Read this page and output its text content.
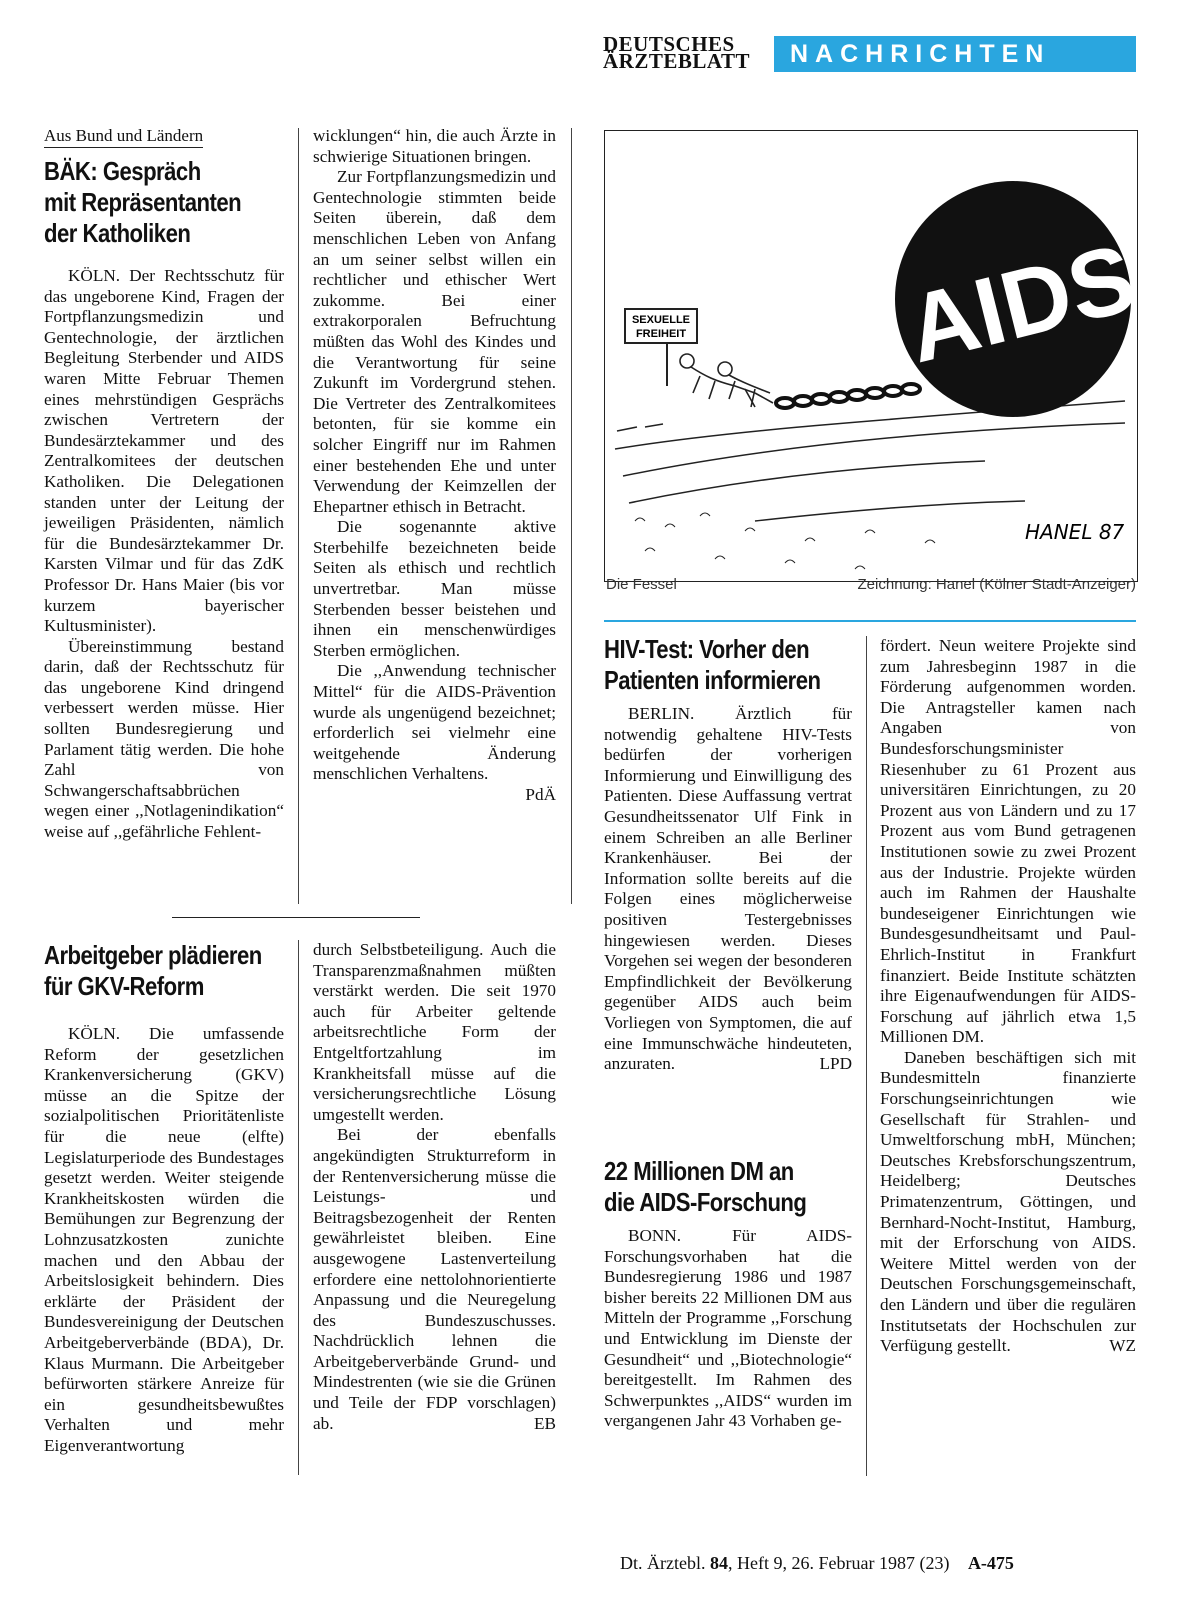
DEUTSCHES
ÄRZTEBLATT	NACHRICHTEN
Aus Bund und Ländern
BÄK: Gespräch
mit Repräsentanten
der Katholiken

KÖLN. Der Rechtsschutz für das ungeborene Kind, Fragen der Fortpflanzungsmedizin und Gentechnologie, der ärztlichen Begleitung Sterbender und AIDS waren Mitte Februar Themen eines mehrstündigen Gesprächs zwischen Vertretern der Bundesärztekammer und des Zentralkomitees der deutschen Katholiken. Die Delegationen standen unter der Leitung der jeweiligen Präsidenten, nämlich für die Bundesärztekammer Dr. Karsten Vilmar und für das ZdK Professor Dr. Hans Maier (bis vor kurzem bayerischer Kultusminister).

Übereinstimmung bestand darin, daß der Rechtsschutz für das ungeborene Kind dringend verbessert werden müsse. Hier sollten Bundesregierung und Parlament tätig werden. Die hohe Zahl von Schwangerschaftsabbrüchen wegen einer ,,Notlagenindikation“ weise auf ,,gefährliche Fehlent-

wicklungen“ hin, die auch Ärzte in schwierige Situationen bringen.

Zur Fortpflanzungsmedizin und Gentechnologie stimmten beide Seiten überein, daß dem menschlichen Leben von Anfang an um seiner selbst willen ein rechtlicher und ethischer Wert zukomme. Bei einer extrakorporalen Befruchtung müßten das Wohl des Kindes und die Verantwortung für seine Zukunft im Vordergrund stehen. Die Vertreter des Zentralkomitees betonten, für sie komme ein solcher Eingriff nur im Rahmen einer bestehenden Ehe und unter Verwendung der Keimzellen der Ehepartner ethisch in Betracht.

Die sogenannte aktive Sterbehilfe bezeichneten beide Seiten als ethisch und rechtlich unvertretbar. Man müsse Sterbenden besser beistehen und ihnen ein menschenwürdiges Sterben ermöglichen.

Die ,,Anwendung technischer Mittel“ für die AIDS-Prävention wurde als ungenügend bezeichnet; erforderlich sei vielmehr eine weitgehende Änderung menschlichen Verhaltens.

PdÄ
Arbeitgeber plädieren
für GKV-Reform

KÖLN. Die umfassende Reform der gesetzlichen Krankenversicherung (GKV) müsse an die Spitze der sozialpolitischen Prioritätenliste für die neue (elfte) Legislaturperiode des Bundestages gesetzt werden. Weiter steigende Krankheitskosten würden die Bemühungen zur Begrenzung der Lohnzusatzkosten zunichte machen und den Abbau der Arbeitslosigkeit behindern. Dies erklärte der Präsident der Bundesvereinigung der Deutschen Arbeitgeberverbände (BDA), Dr. Klaus Murmann. Die Arbeitgeber befürworten stärkere Anreize für ein gesundheitsbewußtes Verhalten und mehr Eigenverantwortung

durch Selbstbeteiligung. Auch die Transparenzmaßnahmen müßten verstärkt werden. Die seit 1970 auch für Arbeiter geltende arbeitsrechtliche Form der Entgeltfortzahlung im Krankheitsfall müsse auf die versicherungsrechtliche Lösung umgestellt werden.

Bei der ebenfalls angekündigten Strukturreform in der Rentenversicherung müsse die Leistungs- und Beitragsbezogenheit der Renten gewährleistet bleiben. Eine ausgewogene Lastenverteilung erfordere eine nettolohnorientierte Anpassung und die Neuregelung des Bundeszuschusses. Nachdrücklich lehnen die Arbeitgeberverbände Grund- und Mindestrenten (wie sie die Grünen und Teile der FDP vorschlagen) ab.	EB
AIDS
SEXUELLE
FREIHEIT
HANEL 87
Die Fessel	Zeichnung: Hanel (Kölner Stadt-Anzeiger)
HIV-Test: Vorher den
Patienten informieren

BERLIN. Ärztlich für notwendig gehaltene HIV-Tests bedürfen der vorherigen Informierung und Einwilligung des Patienten. Diese Auffassung vertrat Gesundheitssenator Ulf Fink in einem Schreiben an alle Berliner Krankenhäuser. Bei der Information sollte bereits auf die Folgen eines möglicherweise positiven Testergebnisses hingewiesen werden. Dieses Vorgehen sei wegen der besonderen Empfindlichkeit der Bevölkerung gegenüber AIDS auch beim Vorliegen von Symptomen, die auf eine Immunschwäche hindeuteten, anzuraten.	LPD
22 Millionen DM an
die AIDS-Forschung

BONN. Für AIDS-Forschungsvorhaben hat die Bundesregierung 1986 und 1987 bisher bereits 22 Millionen DM aus Mitteln der Programme ,,Forschung und Entwicklung im Dienste der Gesundheit“ und ,,Biotechnologie“ bereitgestellt. Im Rahmen des Schwerpunktes ,,AIDS“ wurden im vergangenen Jahr 43 Vorhaben ge-

fördert. Neun weitere Projekte sind zum Jahresbeginn 1987 in die Förderung aufgenommen worden. Die Antragsteller kamen nach Angaben von Bundesforschungsminister Riesenhuber zu 61 Prozent aus universitären Einrichtungen, zu 20 Prozent aus von Ländern und zu 17 Prozent aus vom Bund getragenen Institutionen sowie zu zwei Prozent aus der Industrie. Projekte würden auch im Rahmen der Haushalte bundeseigener Einrichtungen wie Bundesgesundheitsamt und Paul-Ehrlich-Institut in Frankfurt finanziert. Beide Institute schätzten ihre Eigenaufwendungen für AIDS-Forschung auf jährlich etwa 1,5 Millionen DM.

Daneben beschäftigen sich mit Bundesmitteln finanzierte Forschungseinrichtungen wie Gesellschaft für Strahlen- und Umweltforschung mbH, München; Deutsches Krebsforschungszentrum, Heidelberg; Deutsches Primatenzentrum, Göttingen, und Bernhard-Nocht-Institut, Hamburg, mit der Erforschung von AIDS. Weitere Mittel werden von der Deutschen Forschungsgemeinschaft, den Ländern und über die regulären Institutsetats der Hochschulen zur Verfügung gestellt.	WZ
Dt. Ärztebl. 84, Heft 9, 26. Februar 1987 (23) A-475
